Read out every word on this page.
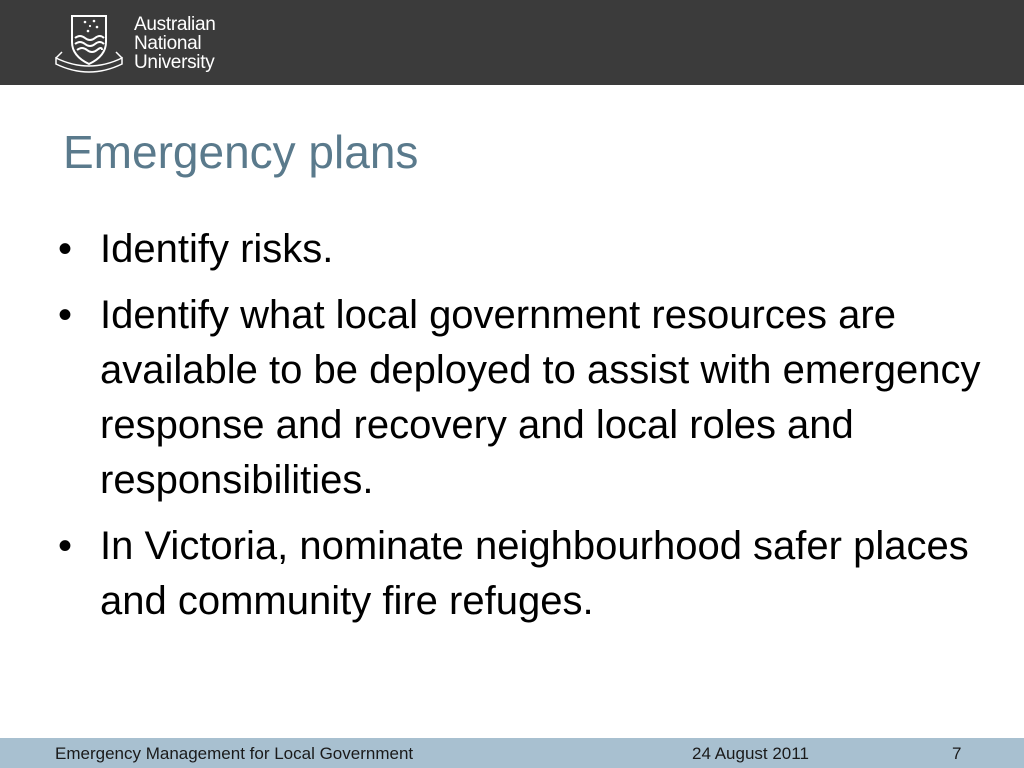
Australian
National
University
Emergency plans
• Identify risks.
• Identify what local government resources are available to be deployed to assist with emergency response and recovery and local roles and responsibilities.
• In Victoria, nominate neighbourhood safer places and community fire refuges.
Emergency Management for Local Government	24 August 2011	7
